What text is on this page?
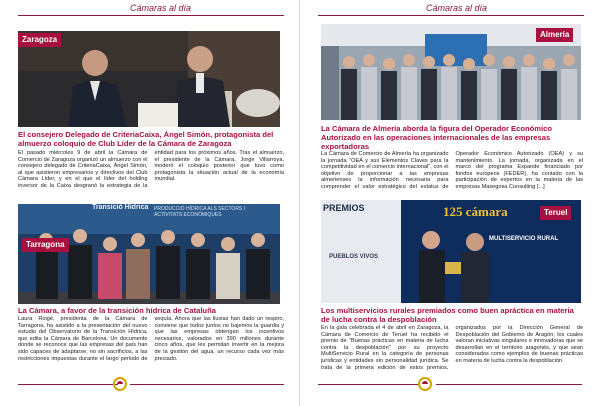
Cámaras al día
Zaragoza
El consejero Delegado de CriteriaCaixa, Ángel Simón, protagonista del almuerzo coloquio de Club Líder de la Cámara de Zaragoza
El pasado miércoles 9 de abril la Cámara de Comercio de Zaragoza organizó un almuerzo con el consejero delegado de CriteriaCaixa, Ángel Simón, al que asistieron empresarios y directivos del Club Cámara Líder, y en el que el líder del holding inversor de la Caixa desgranó la estrategia de la entidad para los próximos años. Tras el almuerzo, el presidente de la Cámara, Jorge Villarroya, moderó el coloquio posterior que tuvo como protagonista la situación actual de la economía mundial.
Transició Hídrica	PRODUCCIÓ HÍDRICA ALS SECTORS I ACTIVITATS ECONÒMIQUES
Tarragona
La Cámara, a favor de la transición hídrica de Cataluña
Laura Roigé, presidenta de la Cámara de Tarragona, ha asistido a la presentación del nuevo estudio del Observatorio de la Transición Hídrica, que edita la Cámara de Barcelona. Un documento donde se reconoce que las empresas del país han sido capaces de adaptarse, no sin sacrificios, a las restricciones impuestas durante el largo periodo de sequía. Ahora que las lluvias han dado un respiro, conviene que todos juntos no bajemos la guardia y que las empresas obtengan los incentivos necesarios, valorados en 390 millones durante cinco años, que les permitan invertir en la mejora de la gestión del agua, un recurso cada vez más preciado.
Cámaras al día
Almería
La Cámara de Almería aborda la figura del Operador Económico Autorizado en las operaciones internacionales de las empresas exportadoras
La Cámara de Comercio de Almería ha organizado la jornada "OEA y sus Elementos Claves para la competitividad en el comercio internacional", con el objetivo de proporcionar a las empresas almerienses la información necesaria para comprender el valor estratégico del estatus de Operador Económico Autorizado (OEA) y su mantenimiento. La jornada, organizada en el marco del programa Expande financiado por fondos europeos (FEDER), ha contado con la participación de expertos en la materia de las empresas Masegosa Consulting [...]
PREMIOS
PUEBLOS VIVOS
125 cámara
MULTISERVICIO RURAL
Teruel
Los multiservicios rurales premiados como buen apráctica en materia de lucha contra la despoblación
En la gala celebrada el 4 de abril en Zaragoza, la Cámara de Comercio de Teruel ha recibido el premio de "Buenas prácticas en materia de lucha contra la despoblación" por su proyecto MultiServicio Rural en la categoría de personas jurídicas y entidades sin personalidad jurídica. Se trata de la primera edición de estos premios, organizados por la Dirección General de Despoblación del Gobierno de Aragón, los cuales valoran iniciativas singulares e innovadoras que se desarrollan en el territorio aragonés, y que sean considerados como ejemplos de buenas prácticas en materia de lucha contra la despoblación.
